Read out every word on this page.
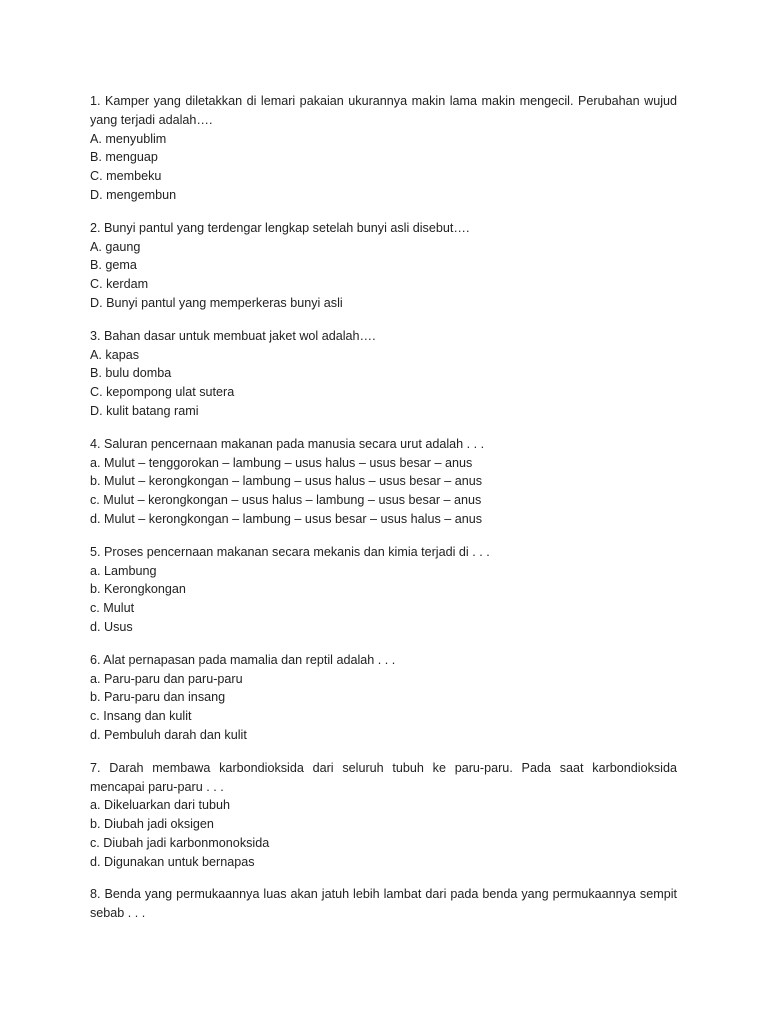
1. Kamper yang diletakkan di lemari pakaian ukurannya makin lama makin mengecil. Perubahan wujud yang terjadi adalah….

A. menyublim
B. menguap
C. membeku
D. mengembun

2. Bunyi pantul yang terdengar lengkap setelah bunyi asli disebut….

A. gaung
B. gema
C. kerdam
D. Bunyi pantul yang memperkeras bunyi asli

3. Bahan dasar untuk membuat jaket wol adalah….

A. kapas
B. bulu domba
C. kepompong ulat sutera
D. kulit batang rami

4. Saluran pencernaan makanan pada manusia secara urut adalah . . .

a. Mulut – tenggorokan – lambung – usus halus – usus besar – anus
b. Mulut – kerongkongan – lambung – usus halus – usus besar – anus
c. Mulut – kerongkongan – usus halus – lambung – usus besar – anus
d. Mulut – kerongkongan – lambung – usus besar – usus halus – anus

5. Proses pencernaan makanan secara mekanis dan kimia terjadi di . . .

a. Lambung
b. Kerongkongan
c. Mulut
d. Usus

6. Alat pernapasan pada mamalia dan reptil adalah . . .

a. Paru-paru dan paru-paru
b. Paru-paru dan insang
c. Insang dan kulit
d. Pembuluh darah dan kulit

7. Darah membawa karbondioksida dari seluruh tubuh ke paru-paru. Pada saat karbondioksida mencapai paru-paru . . .

a. Dikeluarkan dari tubuh
b. Diubah jadi oksigen
c. Diubah jadi karbonmonoksida
d. Digunakan untuk bernapas

8. Benda yang permukaannya luas akan jatuh lebih lambat dari pada benda yang permukaannya sempit sebab . . .
